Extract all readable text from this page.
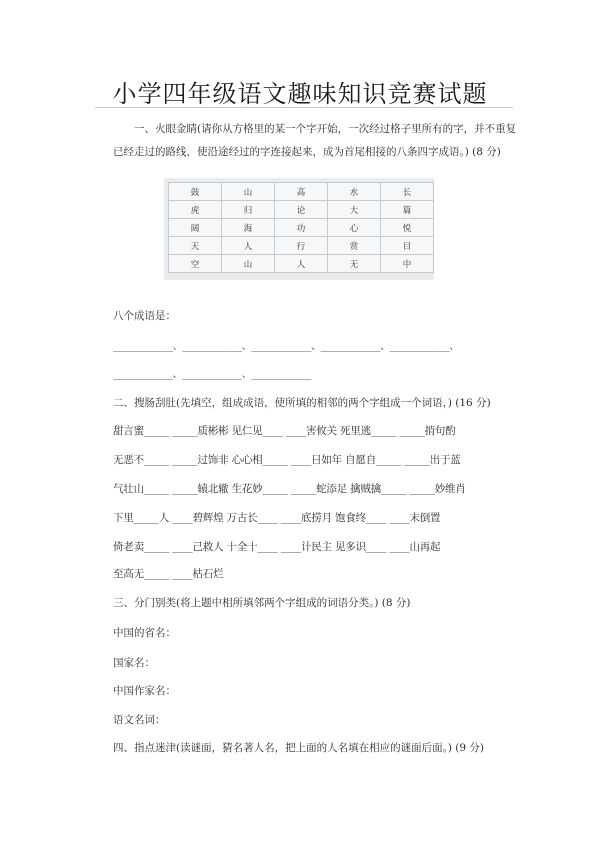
小学四年级语文趣味知识竞赛试题
一、火眼金睛(请你从方格里的某一个字开始，一次经过格子里所有的字，并不重复已经走过的路线，使沿途经过的字连接起来，成为首尾相接的八条四字成语。) (8 分)
鼓	山	高	水	长
虎	归	论	大	篇
阔	海	功	心	悦
天	人	行	赏	目
空	山	人	无	中
八个成语是：
_____________、_____________、_____________、_____________、_____________、
_____________、_____________、_____________
二、搜肠刮肚(先填空，组成成语，使所填的相邻的两个字组成一个词语，) (16 分)
甜言蜜_____ _____质彬彬 见仁见____ ____害攸关 死里逃_____ _____掯句酌
无恶不_____ _____过饰非 心心相_____ ____日如年 自愿自_____ _____出于蓝
气壮山_____ _____辕北辙 生花妙_____ _____蛇添足 擒贼擒_____ _____妙维肖
下里_____人 ____碧辉煌 万古长____ ____底捞月 饱食终____ ____末倒置
倚老卖_____ ____己救人 十全十____ ____计民主 见多识____ ____山再起
至高无_____ ____枯石烂
三、分门别类(将上题中相所填邻两个字组成的词语分类。) (8 分)
中国的省名：
国家名：
中国作家名：
语文名词：
四、指点迷津(读谜面，猜名著人名，把上面的人名填在相应的谜面后面。) (9 分)
